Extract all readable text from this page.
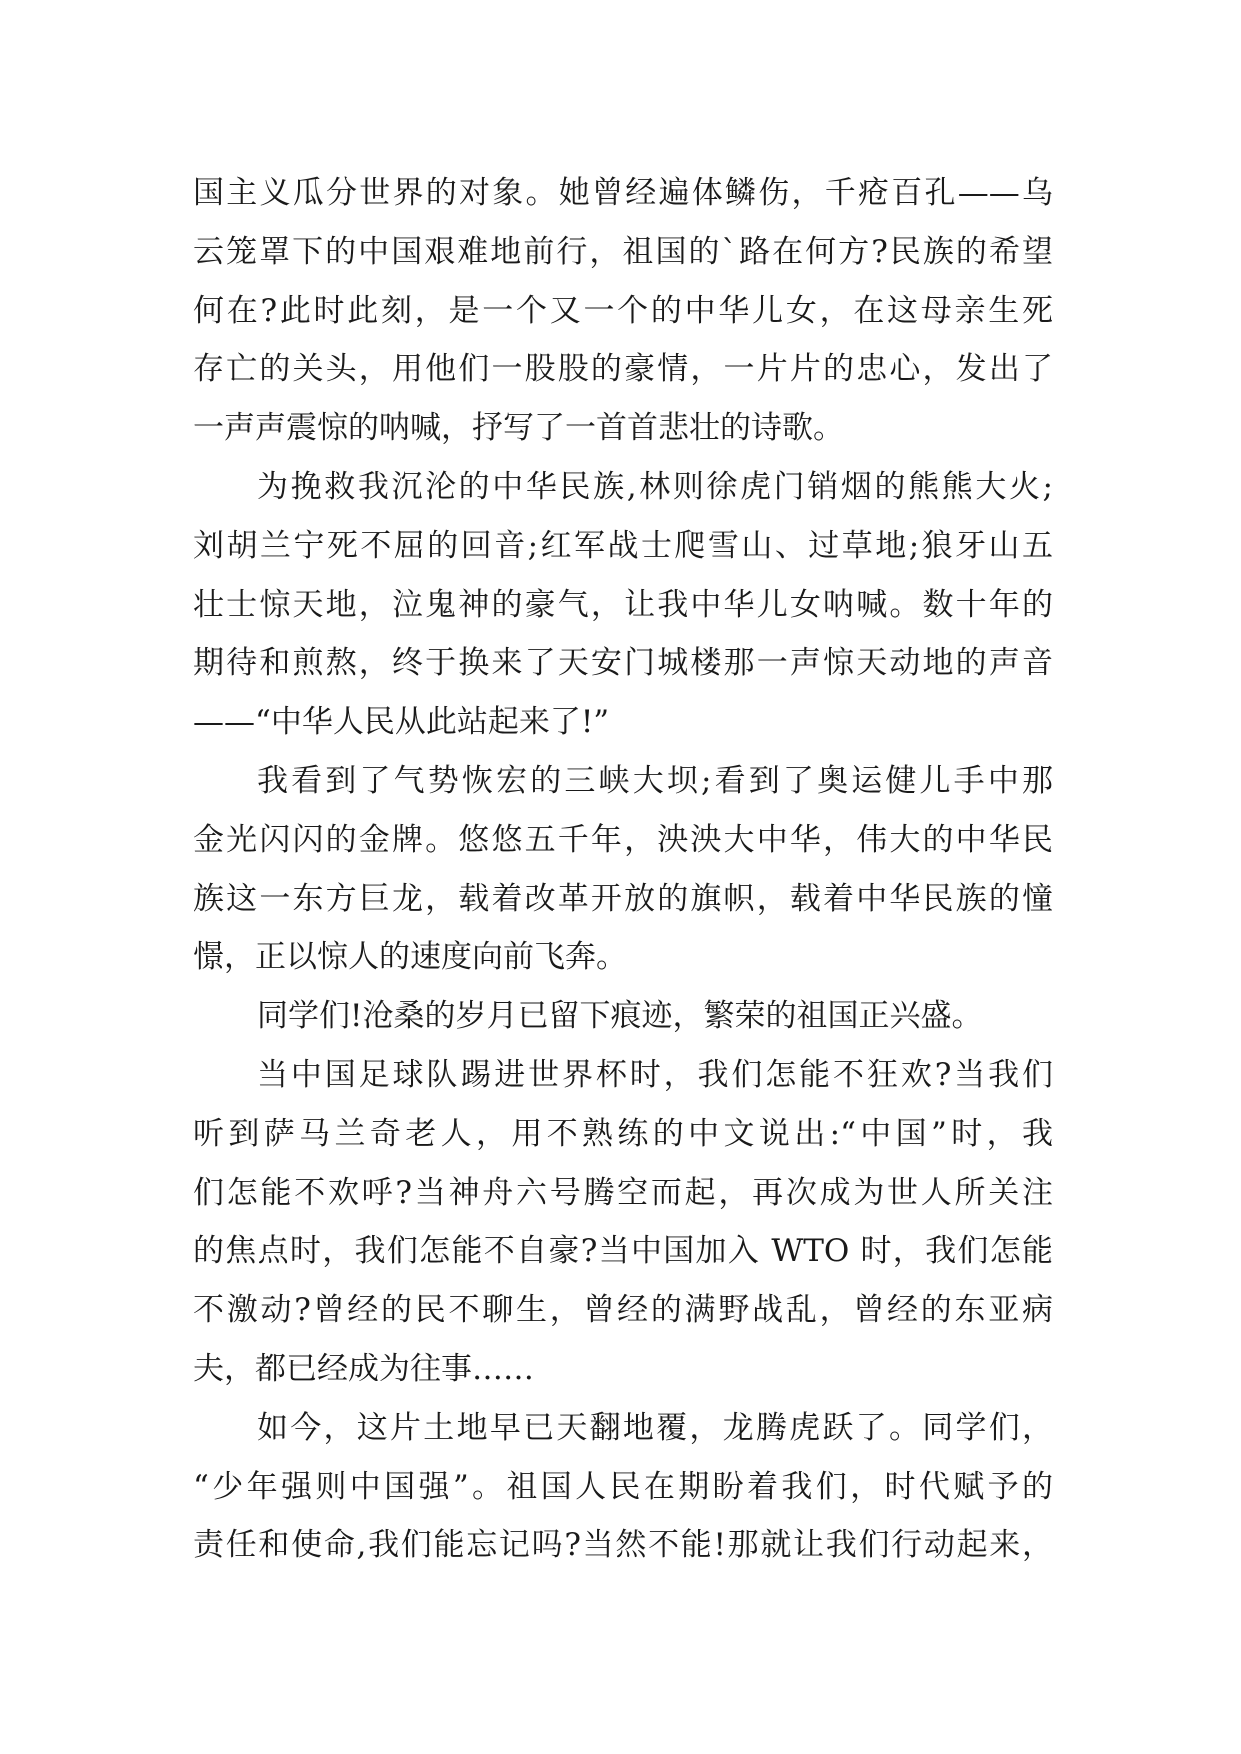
国主义瓜分世界的对象。她曾经遍体鳞伤，千疮百孔——乌
云笼罩下的中国艰难地前行，祖国的`路在何方?民族的希望
何在?此时此刻，是一个又一个的中华儿女，在这母亲生死
存亡的关头，用他们一股股的豪情，一片片的忠心，发出了
一声声震惊的呐喊，抒写了一首首悲壮的诗歌。
为挽救我沉沦的中华民族,林则徐虎门销烟的熊熊大火;
刘胡兰宁死不屈的回音;红军战士爬雪山、过草地;狼牙山五
壮士惊天地，泣鬼神的豪气，让我中华儿女呐喊。数十年的
期待和煎熬，终于换来了天安门城楼那一声惊天动地的声音
——“中华人民从此站起来了!”
我看到了气势恢宏的三峡大坝;看到了奥运健儿手中那
金光闪闪的金牌。悠悠五千年，泱泱大中华，伟大的中华民
族这一东方巨龙，载着改革开放的旗帜，载着中华民族的憧
憬，正以惊人的速度向前飞奔。
同学们!沧桑的岁月已留下痕迹，繁荣的祖国正兴盛。
当中国足球队踢进世界杯时，我们怎能不狂欢?当我们
听到萨马兰奇老人，用不熟练的中文说出:“中国”时，我
们怎能不欢呼?当神舟六号腾空而起，再次成为世人所关注
的焦点时，我们怎能不自豪?当中国加入 WTO 时，我们怎能
不激动?曾经的民不聊生，曾经的满野战乱，曾经的东亚病
夫，都已经成为往事……
如今，这片土地早已天翻地覆，龙腾虎跃了。同学们，
“少年强则中国强”。祖国人民在期盼着我们，时代赋予的
责任和使命,我们能忘记吗?当然不能!那就让我们行动起来，
